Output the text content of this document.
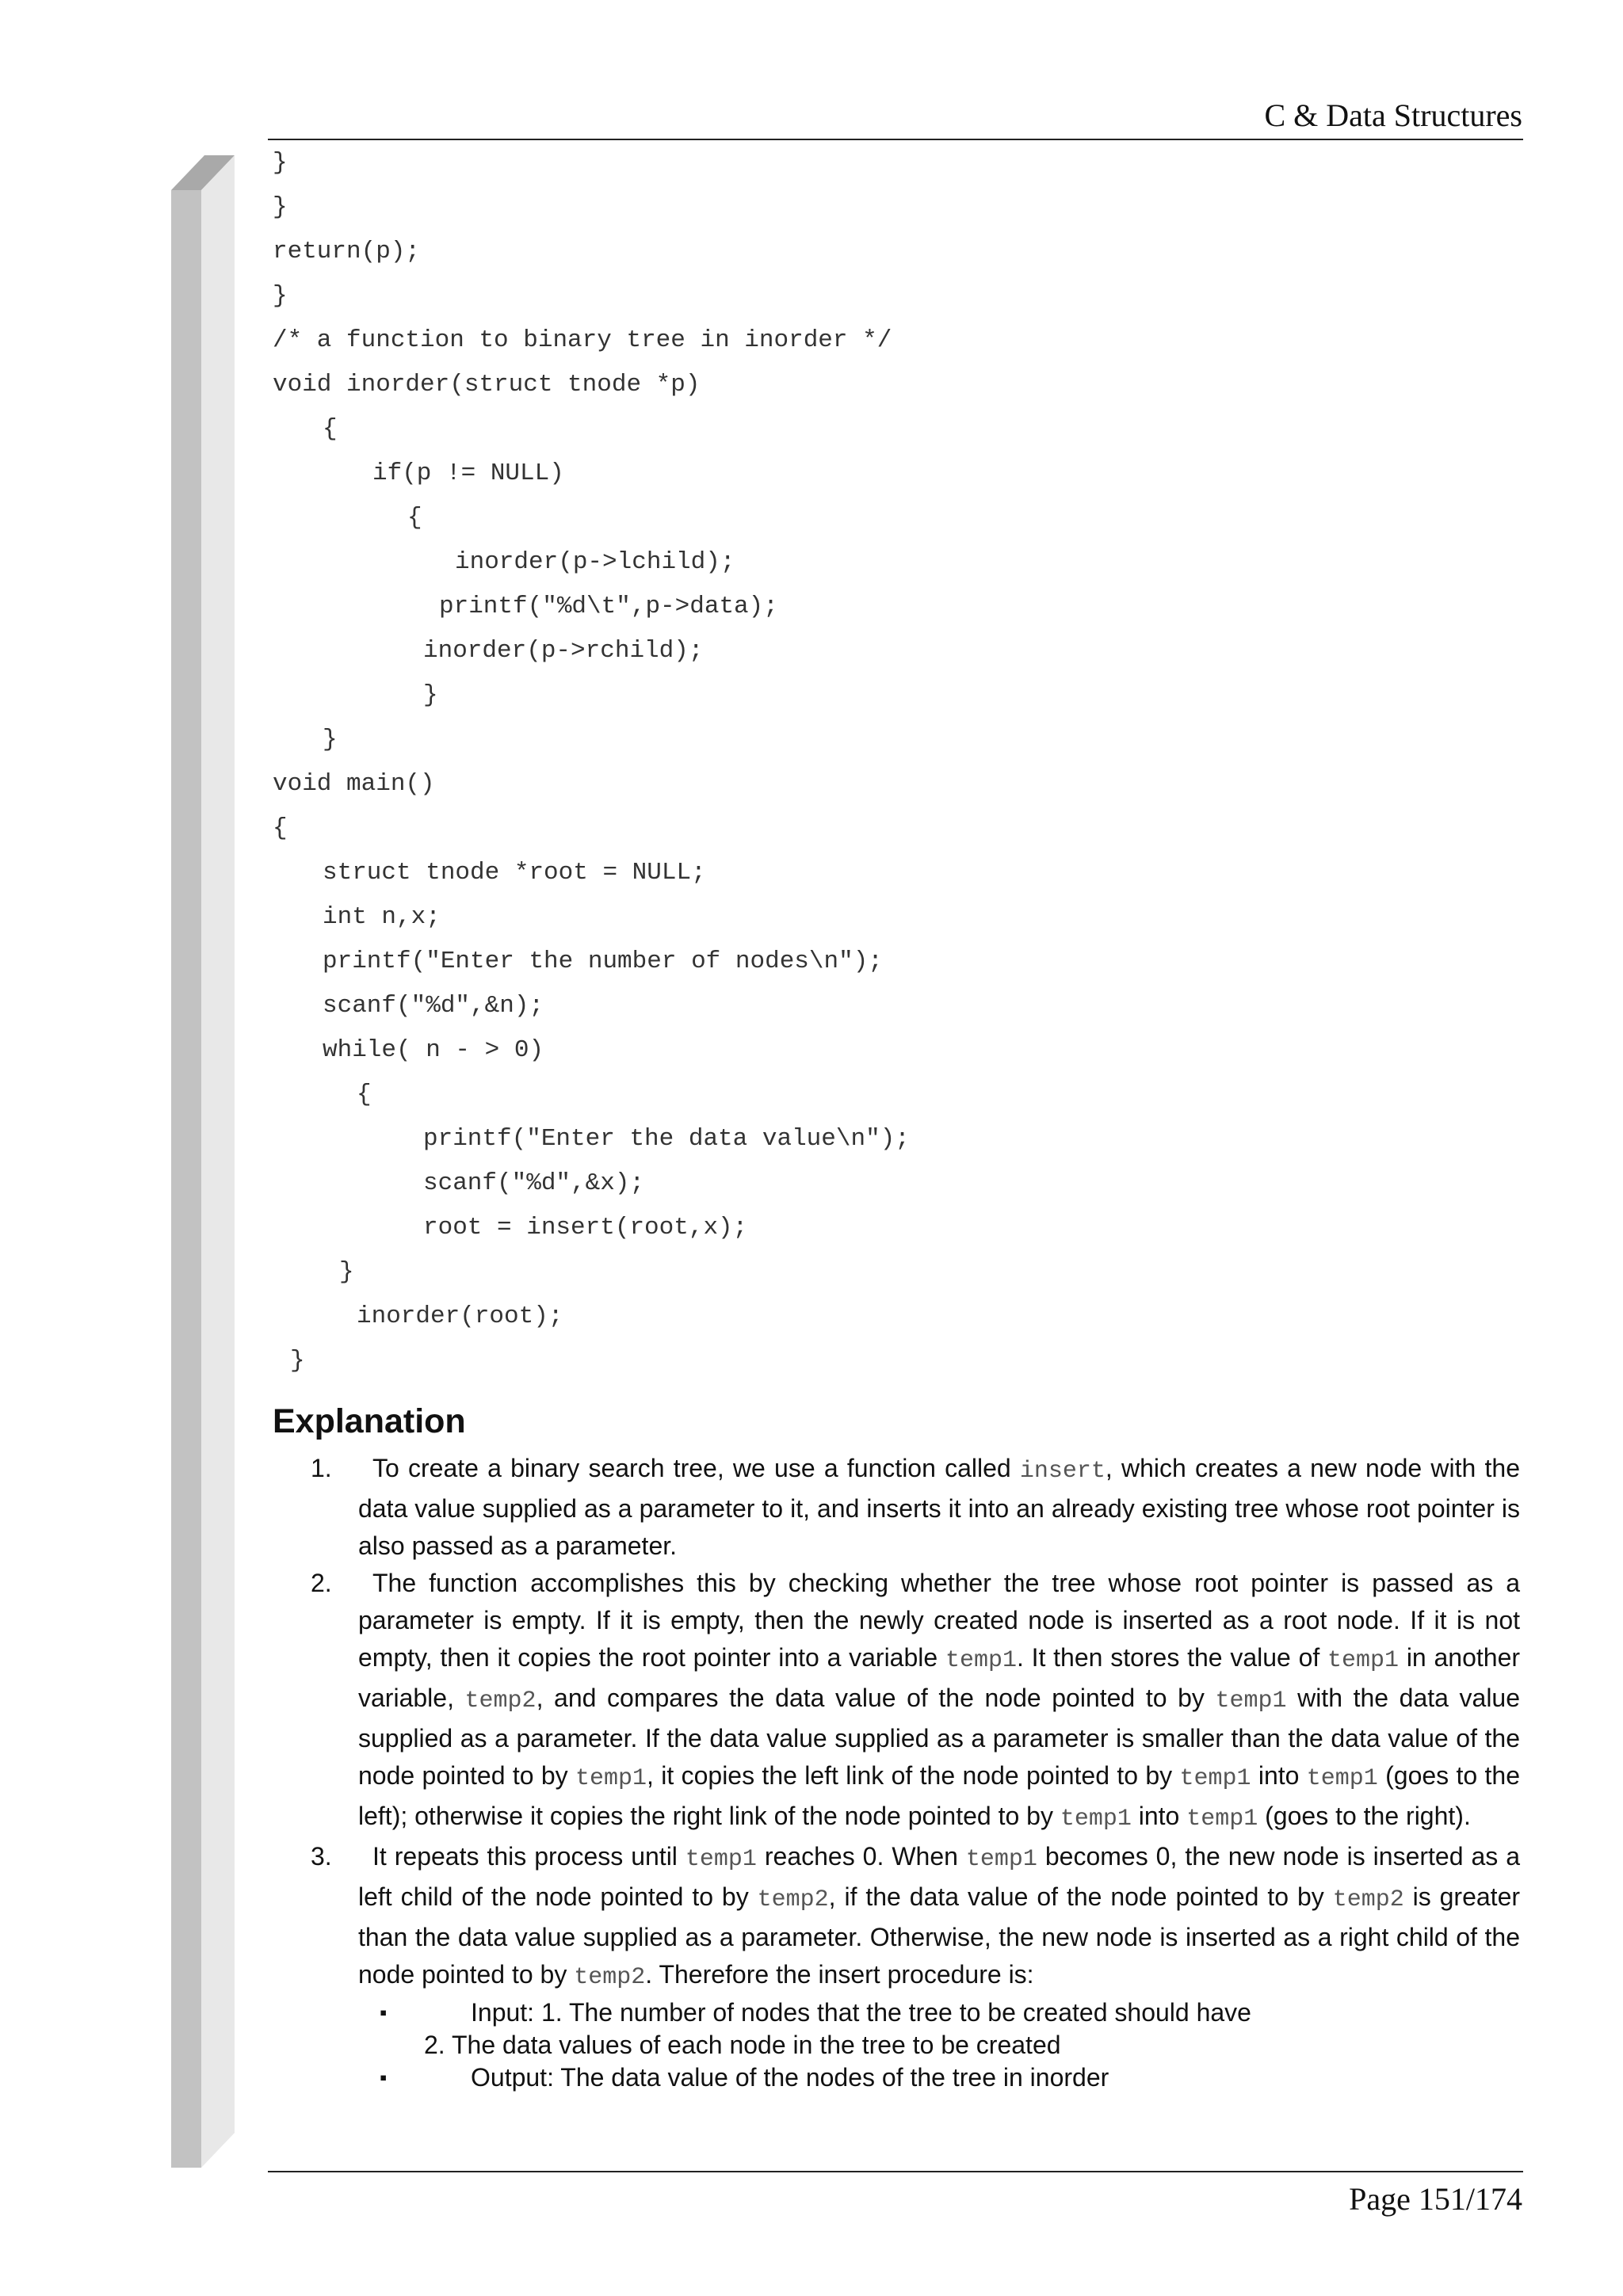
C & Data Structures
}
}
return(p);
}
/* a function to binary tree in inorder */
void inorder(struct tnode *p)
{
if(p != NULL)
{
inorder(p->lchild);
printf("%d\t",p->data);
inorder(p->rchild);
}
}
void main()
{
struct tnode *root = NULL;
int n,x;
printf("Enter the number of nodes\n");
scanf("%d",&n);
while( n - > 0)
{
printf("Enter the data value\n");
scanf("%d",&x);
root = insert(root,x);
}
inorder(root);
}
Explanation
1.	To create a binary search tree, we use a function called insert, which creates a new node with the data value supplied as a parameter to it, and inserts it into an already existing tree whose root pointer is also passed as a parameter.
2.	The function accomplishes this by checking whether the tree whose root pointer is passed as a parameter is empty. If it is empty, then the newly created node is inserted as a root node. If it is not empty, then it copies the root pointer into a variable temp1. It then stores the value of temp1 in another variable, temp2, and compares the data value of the node pointed to by temp1 with the data value supplied as a parameter. If the data value supplied as a parameter is smaller than the data value of the node pointed to by temp1, it copies the left link of the node pointed to by temp1 into temp1 (goes to the left); otherwise it copies the right link of the node pointed to by temp1 into temp1 (goes to the right).
3.	It repeats this process until temp1 reaches 0. When temp1 becomes 0, the new node is inserted as a left child of the node pointed to by temp2, if the data value of the node pointed to by temp2 is greater than the data value supplied as a parameter. Otherwise, the new node is inserted as a right child of the node pointed to by temp2. Therefore the insert procedure is:
▪	Input: 1. The number of nodes that the tree to be created should have
2. The data values of each node in the tree to be created
▪	Output: The data value of the nodes of the tree in inorder
Page 151/174
